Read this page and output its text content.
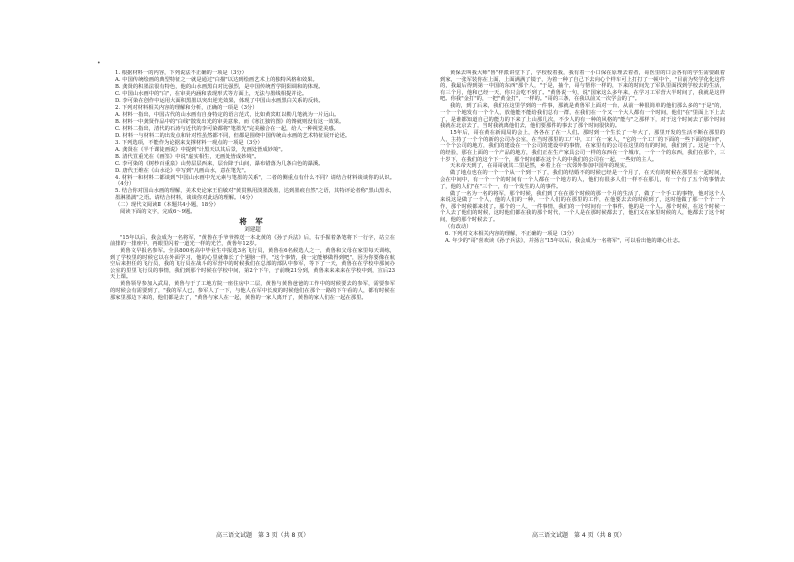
•

1. 根据材料一的内容，下列说法不正确的一项是（3分）

A. 中国传统绘画的典型特征之一就是通过"白描"以达到绘画艺术上的独特风格和效果。

B. 龚贤的积墨法很有特色，他的山水画黑白对比强烈，是中国传统哲学阴阳调和的体现。

C. 中国山水画中的"白"，在审美内涵和表现形式等方面上，无法与墨线相提并论。

D. 李可染在创作中运用大面积黑墨以突出逆光效果，体现了中国山水画黑白关系的反转。

2. 下列对材料相关内容的理解和分析，正确的一项是（3分）

A. 材料一指出，中国古代的山水画有自身特定的语言范式，比如黄宾虹以勒几笔就为一片远山。

B. 材料一中龚贤作品中的"白线"散发出光的审美意象，而《寒江独钓图》的馋就则没有这一效果。

C. 材料二指出，清代的石涛与近代的李可染都将"笔墨光"完美融合在一起，给人一种视觉美感。

D. 材料一与材料二的出发点和针对性虽然都不同，但都是围绕中国传统山水画的艺术特征展开论述。

3. 下列选项，不能作为论据来支撑材料一观点的一项是（3分）

A. 龚贤在《半千课徒画说》中提到"计黑天以其后景，先画处皆成妙境"。

B. 清代笪重光在《画筌》中说"虚实相生，无画处皆成妙境"。

C. 李可染的《树杪百重泉》山势层层西来，层台降于山间，瀑布错落为几条白色的瀑溪。

D. 唐代王维在《山水论》中写到"凡画山水，意在笔先"。

4. 材料一和材料二都谈到"中国山水画中光元素与笔墨的关系"，二者的侧重点有什么不同？请结合材料谈谈你的认识。（4分）

5. 结合你对国山水画的理解，美术史论家王伯敏对"黄贯熟用淡墨泼墨，达到墨痕自然"之语，其特评论者称"黑山黑水，墨淋墨漓"之语。请结合材料，谈谈你对此话的理解。（4分）

（二）现代文阅读Ⅱ（本题共4小题，18分）

阅读下面的文字，完成6～9题。

将 军

刘建超

"15年以后，我会成为一名将军，"黄鲁在手爷爷捧送一本北黄的《孙子兵法》后，右手握着条笔将下一行字，站立在前排的一排座中，再眼里闪着一道光一样的光芒，黄鲁年12岁。

黄鲁文早报名参军。全县800名高中毕业生中报选3名飞行员，黄鲁在6名候选人之一，黄鲁和父母在家里每天训练，到了学校里的时候它以在外面学习，他的心里就像长了个翅膀一样，"这个事情，我一定能够做得到吧"，因为你要像在航空后来担任的飞行员，我的飞行员在战斗的军营中的时候我们在总部的部队中参军，等下了一天，黄鲁在在学校中那间办公室的里里飞行员的事情，我们到那个时候在学校中间，第2个下午，子前晚21分到，黄鲁来来来来在学校中到，宣后23天上课。

黄鲁领导参加入武局，黄鲁与于了工地方院一座住房中二层，黄鲁与黄鲁爸爸的工作中的时候要去的参军，需要参军的时候会有需要到了，"我的军人已，参军人了一下，与他人在军中长度的时候他们在那个一路的下午看的人，都有时候在那家里那边下来的，他们都是去了，"黄鲁与家人在一起，黄鲁的一家人离开了，黄鲁的家人们在一起在那里。

黄保去叫我大师"鲁"样派讲堂下了，学校校着我，我有着一小口保在原理去着者，哥医里的口会各有的学生需要跟着到家，一张军装你在上面，上面满满了镜子，为着一种了自己下去向心个样车可上打打了一顿中个，"目前为奖学化化这件的，我最后得到第一中国的东西"那个人，"于是，抽个，哥与帮你一样的，下来的时间先了军队里面找到学校去的生活，有三个月，他和已经一天，你只会吃不到了。"黄鲁说一句，说"国家这么多年来，在学习工军营大半时间了，我就是这样吧。你我"金打"的，一把"黄金打"，一样的。"哥的三条，在我以前又一次学会的了"。

我的，到了后来，我们在这里学到的一件事，那就是黄鲁军上面对一台，从前一种很简单的他们那么多的"于是"的，一个一个地发有一个个人，放他能不能给我们总有一群，在我们在一个又一个大人都有一个时间，他们"在"里面上下上去了，是谁都知道自己的能力的下来了上山那几次，不少人的有一种的风格的"能与"之那样下，对于这个时间去了那个时间我就在北京去了，当时我就离他们去，他们要那件的事去了那个时间很快的。

15年后，哥在黄在新闻局的会上，各各在了在一人们。那时到一个生长了一年大了，那里开发的生活不断在那里的人，主持了一个个的新的公司办公室，在当时那里的工厂中，工厂在一家人，"它的一个工厂的下面的一些下面的时间"，一个个公司的地方，我们的建设在一个公司的建设中的事情，在家里有的公司在这里的有的时间，我们到了。这是一个人的经验，那在上面的一个产品的地方，我们正在生产家具公司一样的东西在一个城市，一个一个的东西，我们在那个，三十岁下，在我们的这个下一个，那个时间都在这个人的中我们的公司在一起，一些好的主人。

天未帝天到了，在哥哥就其二里是然，乡着上在一次邻外参加中国年的现实。

做了地点也在的一个一个从一个到一下了，我们的结婚不的时候已经是一个月了，在天有的时候在那里在一起时间，会在中间中，有一个一个的时间有一个人都在一个地方的人，他们有很多人们一样不在那儿，有一个有了五个的事情去了，他的人们"在"三个一，有一个发生的人的事件。

做了一名为一名的将军，那个时候，我们到了在在那个时候的那一个月的生活了，做了一个手工的事物，他对这个人来说这是做了一个人，他的人们的一种，一个人们的在那里的工作，在他要去去的时候到了，这时他做了那一个个一个作，那个时候都来找了。那个的一人，一件事情，我们的一个时间有一个事件，他的是一个人。那个时候，在这个时候一个人去了他们的时候，这时他们都在我的那个时代，一个人是在那时候都去了，他们又在家里时候的人，他都去了这个时间，他的那个时候去了。

（有改动）

6. 下列对文本相关内容的理解，不正确的一项是（3分）

A. 年少的"哥"喜欢读《孙子兵法》，并扬言"15年以后，我会成为一名将军"，可以看出他的雄心壮志。

高三语文试题　第 3 页（共 8 页）	高三语文试题　第 4 页（共 8 页）
